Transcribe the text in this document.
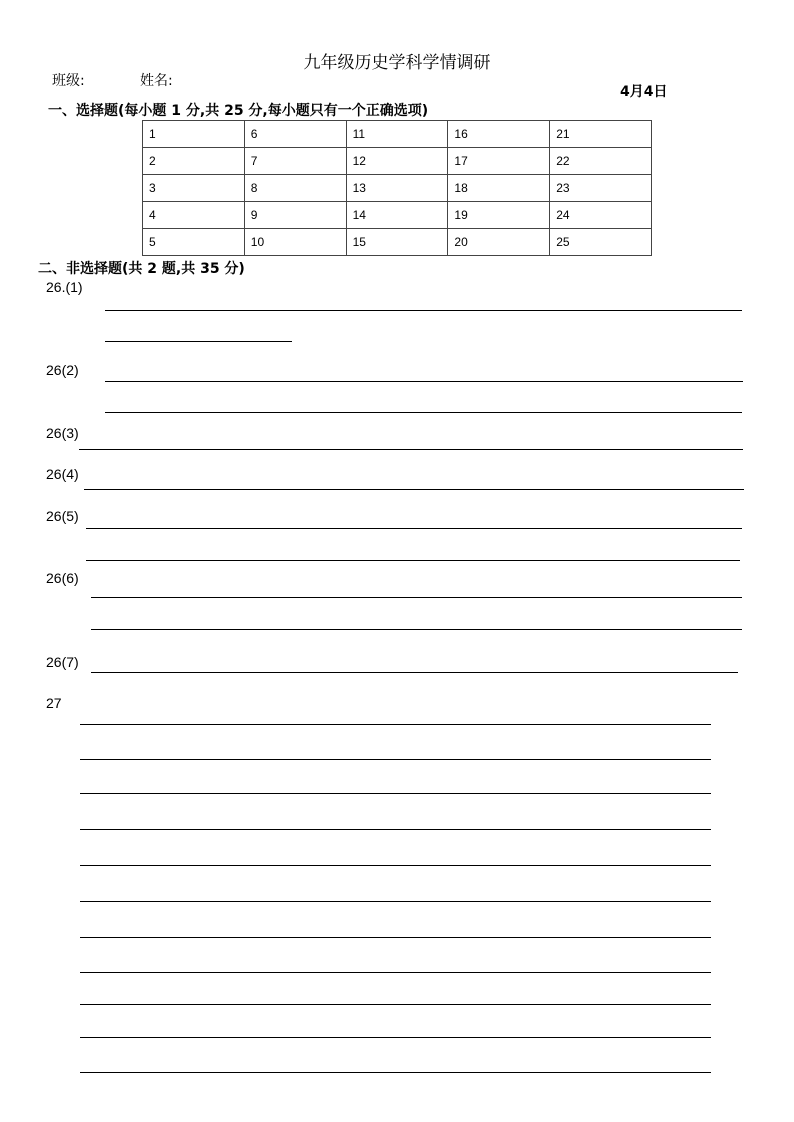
九年级历史学科学情调研
班级:	姓名:
4月4日
一、选择题(每小题 1 分,共 25 分,每小题只有一个正确选项)
1	6	11	16	21
2	7	12	17	22
3	8	13	18	23
4	9	14	19	24
5	10	15	20	25
二、非选择题(共 2 题,共 35 分)
26.(1)
26(2)
26(3)
26(4)
26(5)
26(6)
26(7)
27
